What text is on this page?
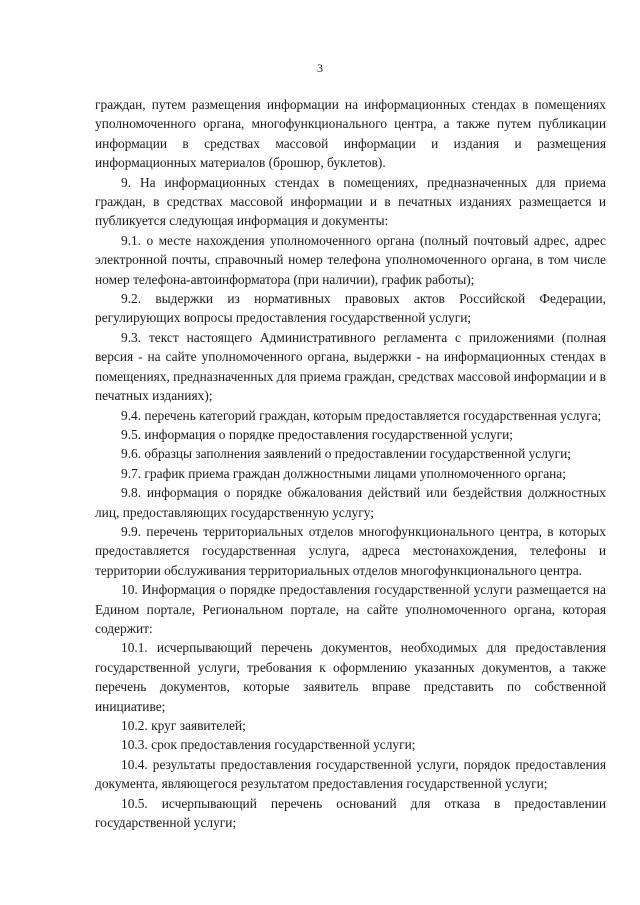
3

граждан, путем размещения информации на информационных стендах в помещениях уполномоченного органа, многофункционального центра, а также путем публикации информации в средствах массовой информации и издания и размещения информационных материалов (брошюр, буклетов).

9. На информационных стендах в помещениях, предназначенных для приема граждан, в средствах массовой информации и в печатных изданиях размещается и публикуется следующая информация и документы:

9.1. о месте нахождения уполномоченного органа (полный почтовый адрес, адрес электронной почты, справочный номер телефона уполномоченного органа, в том числе номер телефона-автоинформатора (при наличии), график работы);

9.2. выдержки из нормативных правовых актов Российской Федерации, регулирующих вопросы предоставления государственной услуги;

9.3. текст настоящего Административного регламента с приложениями (полная версия - на сайте уполномоченного органа, выдержки - на информационных стендах в помещениях, предназначенных для приема граждан, средствах массовой информации и в печатных изданиях);

9.4. перечень категорий граждан, которым предоставляется государственная услуга;

9.5. информация о порядке предоставления государственной услуги;

9.6. образцы заполнения заявлений о предоставлении государственной услуги;

9.7. график приема граждан должностными лицами уполномоченного органа;

9.8. информация о порядке обжалования действий или бездействия должностных лиц, предоставляющих государственную услугу;

9.9. перечень территориальных отделов многофункционального центра, в которых предоставляется государственная услуга, адреса местонахождения, телефоны и территории обслуживания территориальных отделов многофункционального центра.

10. Информация о порядке предоставления государственной услуги размещается на Едином портале, Региональном портале, на сайте уполномоченного органа, которая содержит:

10.1. исчерпывающий перечень документов, необходимых для предоставления государственной услуги, требования к оформлению указанных документов, а также перечень документов, которые заявитель вправе представить по собственной инициативе;

10.2. круг заявителей;

10.3. срок предоставления государственной услуги;

10.4. результаты предоставления государственной услуги, порядок предоставления документа, являющегося результатом предоставления государственной услуги;

10.5. исчерпывающий перечень оснований для отказа в предоставлении государственной услуги;
